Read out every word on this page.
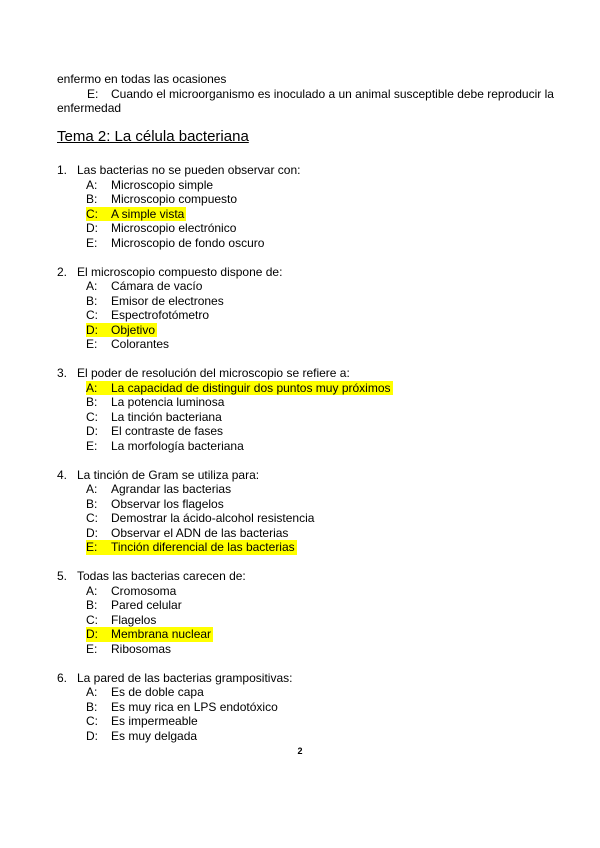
enfermo en todas las ocasiones
E: Cuando el microorganismo es inoculado a un animal susceptible debe reproducir la
enfermedad
Tema 2: La célula bacteriana
1. Las bacterias no se pueden observar con:
A: Microscopio simple
B: Microscopio compuesto
C: A simple vista
D: Microscopio electrónico
E: Microscopio de fondo oscuro
2. El microscopio compuesto dispone de:
A: Cámara de vacío
B: Emisor de electrones
C: Espectrofotómetro
D: Objetivo
E: Colorantes
3. El poder de resolución del microscopio se refiere a:
A: La capacidad de distinguir dos puntos muy próximos
B: La potencia luminosa
C: La tinción bacteriana
D: El contraste de fases
E: La morfología bacteriana
4. La tinción de Gram se utiliza para:
A: Agrandar las bacterias
B: Observar los flagelos
C: Demostrar la ácido-alcohol resistencia
D: Observar el ADN de las bacterias
E: Tinción diferencial de las bacterias
5. Todas las bacterias carecen de:
A: Cromosoma
B: Pared celular
C: Flagelos
D: Membrana nuclear
E: Ribosomas
6. La pared de las bacterias grampositivas:
A: Es de doble capa
B: Es muy rica en LPS endotóxico
C: Es impermeable
D: Es muy delgada
2
